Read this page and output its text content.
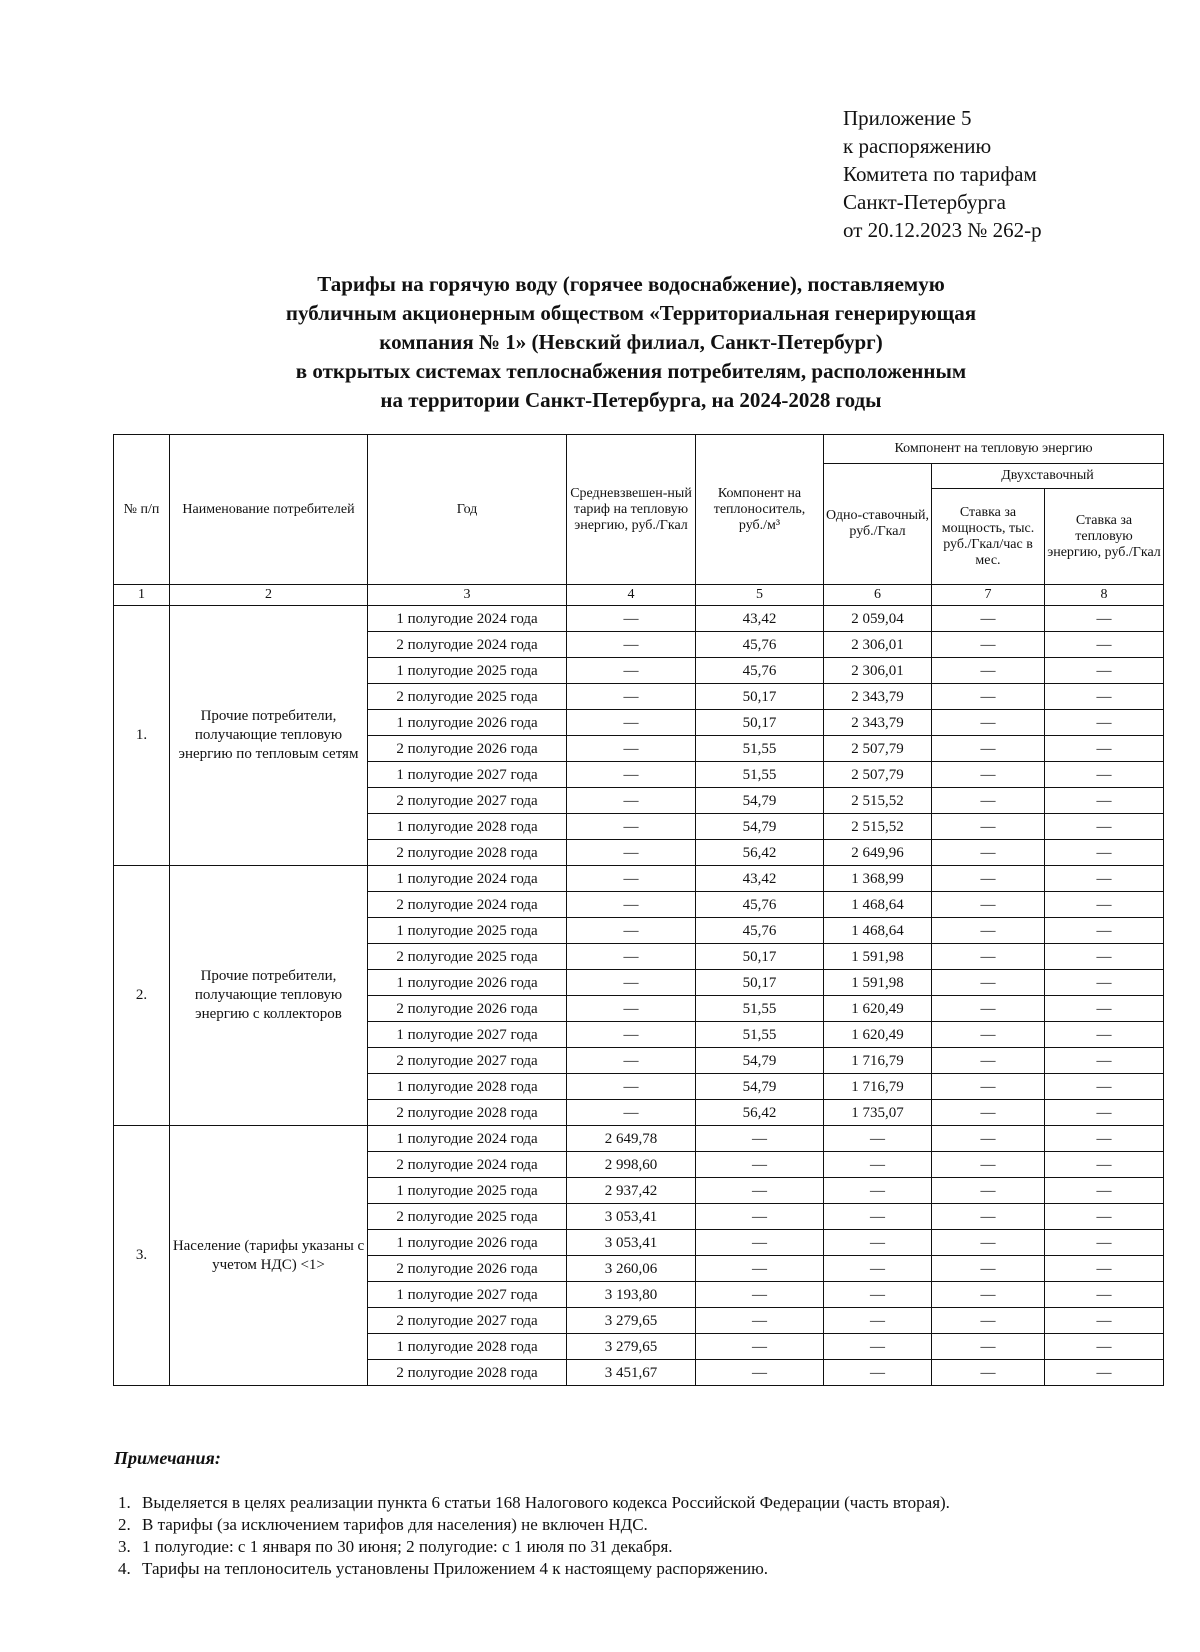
Приложение 5
к распоряжению
Комитета по тарифам
Санкт-Петербурга
от 20.12.2023 № 262-р
Тарифы на горячую воду (горячее водоснабжение), поставляемую
публичным акционерным обществом «Территориальная генерирующая
компания № 1» (Невский филиал, Санкт-Петербург)
в открытых системах теплоснабжения потребителям, расположенным
на территории Санкт-Петербурга, на 2024-2028 годы
№ п/п	Наименование потребителей	Год	Средневзвешен-ный тариф на тепловую энергию, руб./Гкал	Компонент на теплоноситель, руб./м³	Компонент на тепловую энергию		
					Одно-ставочный, руб./Гкал	Двухставочный	
						Ставка за мощность, тыс. руб./Гкал/час в мес.	Ставка за тепловую энергию, руб./Гкал
1	2	3	4	5	6	7	8
1.	Прочие потребители, получающие тепловую энергию по тепловым сетям	1 полугодие 2024 года	—	43,42	2 059,04	—	—
		2 полугодие 2024 года	—	45,76	2 306,01	—	—
		1 полугодие 2025 года	—	45,76	2 306,01	—	—
		2 полугодие 2025 года	—	50,17	2 343,79	—	—
		1 полугодие 2026 года	—	50,17	2 343,79	—	—
		2 полугодие 2026 года	—	51,55	2 507,79	—	—
		1 полугодие 2027 года	—	51,55	2 507,79	—	—
		2 полугодие 2027 года	—	54,79	2 515,52	—	—
		1 полугодие 2028 года	—	54,79	2 515,52	—	—
		2 полугодие 2028 года	—	56,42	2 649,96	—	—
2.	Прочие потребители, получающие тепловую энергию с коллекторов	1 полугодие 2024 года	—	43,42	1 368,99	—	—
		2 полугодие 2024 года	—	45,76	1 468,64	—	—
		1 полугодие 2025 года	—	45,76	1 468,64	—	—
		2 полугодие 2025 года	—	50,17	1 591,98	—	—
		1 полугодие 2026 года	—	50,17	1 591,98	—	—
		2 полугодие 2026 года	—	51,55	1 620,49	—	—
		1 полугодие 2027 года	—	51,55	1 620,49	—	—
		2 полугодие 2027 года	—	54,79	1 716,79	—	—
		1 полугодие 2028 года	—	54,79	1 716,79	—	—
		2 полугодие 2028 года	—	56,42	1 735,07	—	—
3.	Население (тарифы указаны с учетом НДС) <1>	1 полугодие 2024 года	2 649,78	—	—	—	—
		2 полугодие 2024 года	2 998,60	—	—	—	—
		1 полугодие 2025 года	2 937,42	—	—	—	—
		2 полугодие 2025 года	3 053,41	—	—	—	—
		1 полугодие 2026 года	3 053,41	—	—	—	—
		2 полугодие 2026 года	3 260,06	—	—	—	—
		1 полугодие 2027 года	3 193,80	—	—	—	—
		2 полугодие 2027 года	3 279,65	—	—	—	—
		1 полугодие 2028 года	3 279,65	—	—	—	—
		2 полугодие 2028 года	3 451,67	—	—	—	—
Примечания:
1. Выделяется в целях реализации пункта 6 статьи 168 Налогового кодекса Российской Федерации (часть вторая).
2. В тарифы (за исключением тарифов для населения) не включен НДС.
3. 1 полугодие: с 1 января по 30 июня; 2 полугодие: с 1 июля по 31 декабря.
4. Тарифы на теплоноситель установлены Приложением 4 к настоящему распоряжению.
